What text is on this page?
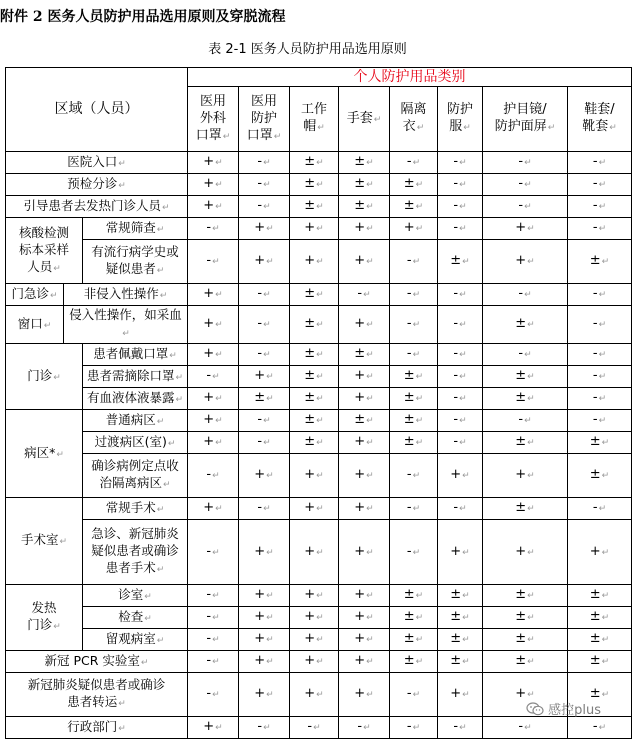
附件 2 医务人员防护用品选用原则及穿脱流程
表 2-1 医务人员防护用品选用原则
区域（人员）			个人防护用品类别							
			医用
外科
口罩↵	医用
防护
口罩↵	工作
帽↵	手套↵	隔离
衣↵	防护
服↵	护目镜/
防护面屏↵	鞋套/
靴套↵
医院入口↵			+↵	-↵	±↵	±↵	-↵	-↵	-↵	-↵
预检分诊↵			+↵	-↵	±↵	±↵	±↵	-↵	-↵	-↵
引导患者去发热门诊人员↵			+↵	-↵	±↵	±↵	±↵	-↵	-↵	-↵
核酸检测
标本采样
人员↵		常规筛查↵	-↵	+↵	+↵	+↵	+↵	-↵	+↵	-↵
		有流行病学史或
疑似患者↵	-↵	+↵	+↵	+↵	-↵	±↵	+↵	±↵
门急诊↵	非侵入性操作↵		+↵	-↵	±↵	-↵	-↵	-↵	-↵	-↵
窗口↵	侵入性操作，如采血↵		+↵	-↵	±↵	+↵	-↵	-↵	±↵	-↵
门诊↵		患者佩戴口罩↵	+↵	-↵	±↵	±↵	-↵	-↵	-↵	-↵
		患者需摘除口罩↵	-↵	+↵	±↵	+↵	±↵	-↵	±↵	-↵
		有血液体液暴露↵	+↵	±↵	±↵	+↵	±↵	-↵	±↵	-↵
病区*↵		普通病区↵	+↵	-↵	±↵	±↵	±↵	-↵	-↵	-↵
		过渡病区(室)↵	+↵	-↵	±↵	+↵	±↵	-↵	±↵	±↵
		确诊病例定点收
治隔离病区↵	-↵	+↵	+↵	+↵	-↵	+↵	+↵	±↵
手术室↵		常规手术↵	+↵	-↵	+↵	+↵	-↵	-↵	±↵	-↵
		急诊、新冠肺炎
疑似患者或确诊
患者手术↵	-↵	+↵	+↵	+↵	-↵	+↵	+↵	+↵
发热
门诊↵		诊室↵	-↵	+↵	+↵	+↵	±↵	±↵	±↵	±↵
		检查↵	-↵	+↵	+↵	+↵	±↵	±↵	±↵	±↵
		留观病室↵	-↵	+↵	+↵	+↵	±↵	±↵	±↵	±↵
新冠 PCR 实验室↵			-↵	+↵	+↵	+↵	±↵	±↵	±↵	±↵
新冠肺炎疑似患者或确诊
患者转运↵			-↵	+↵	+↵	+↵	-↵	+↵	+↵	±↵
行政部门↵			+↵	-↵	-↵	-↵	-↵	-↵	-↵	-↵
感控plus
